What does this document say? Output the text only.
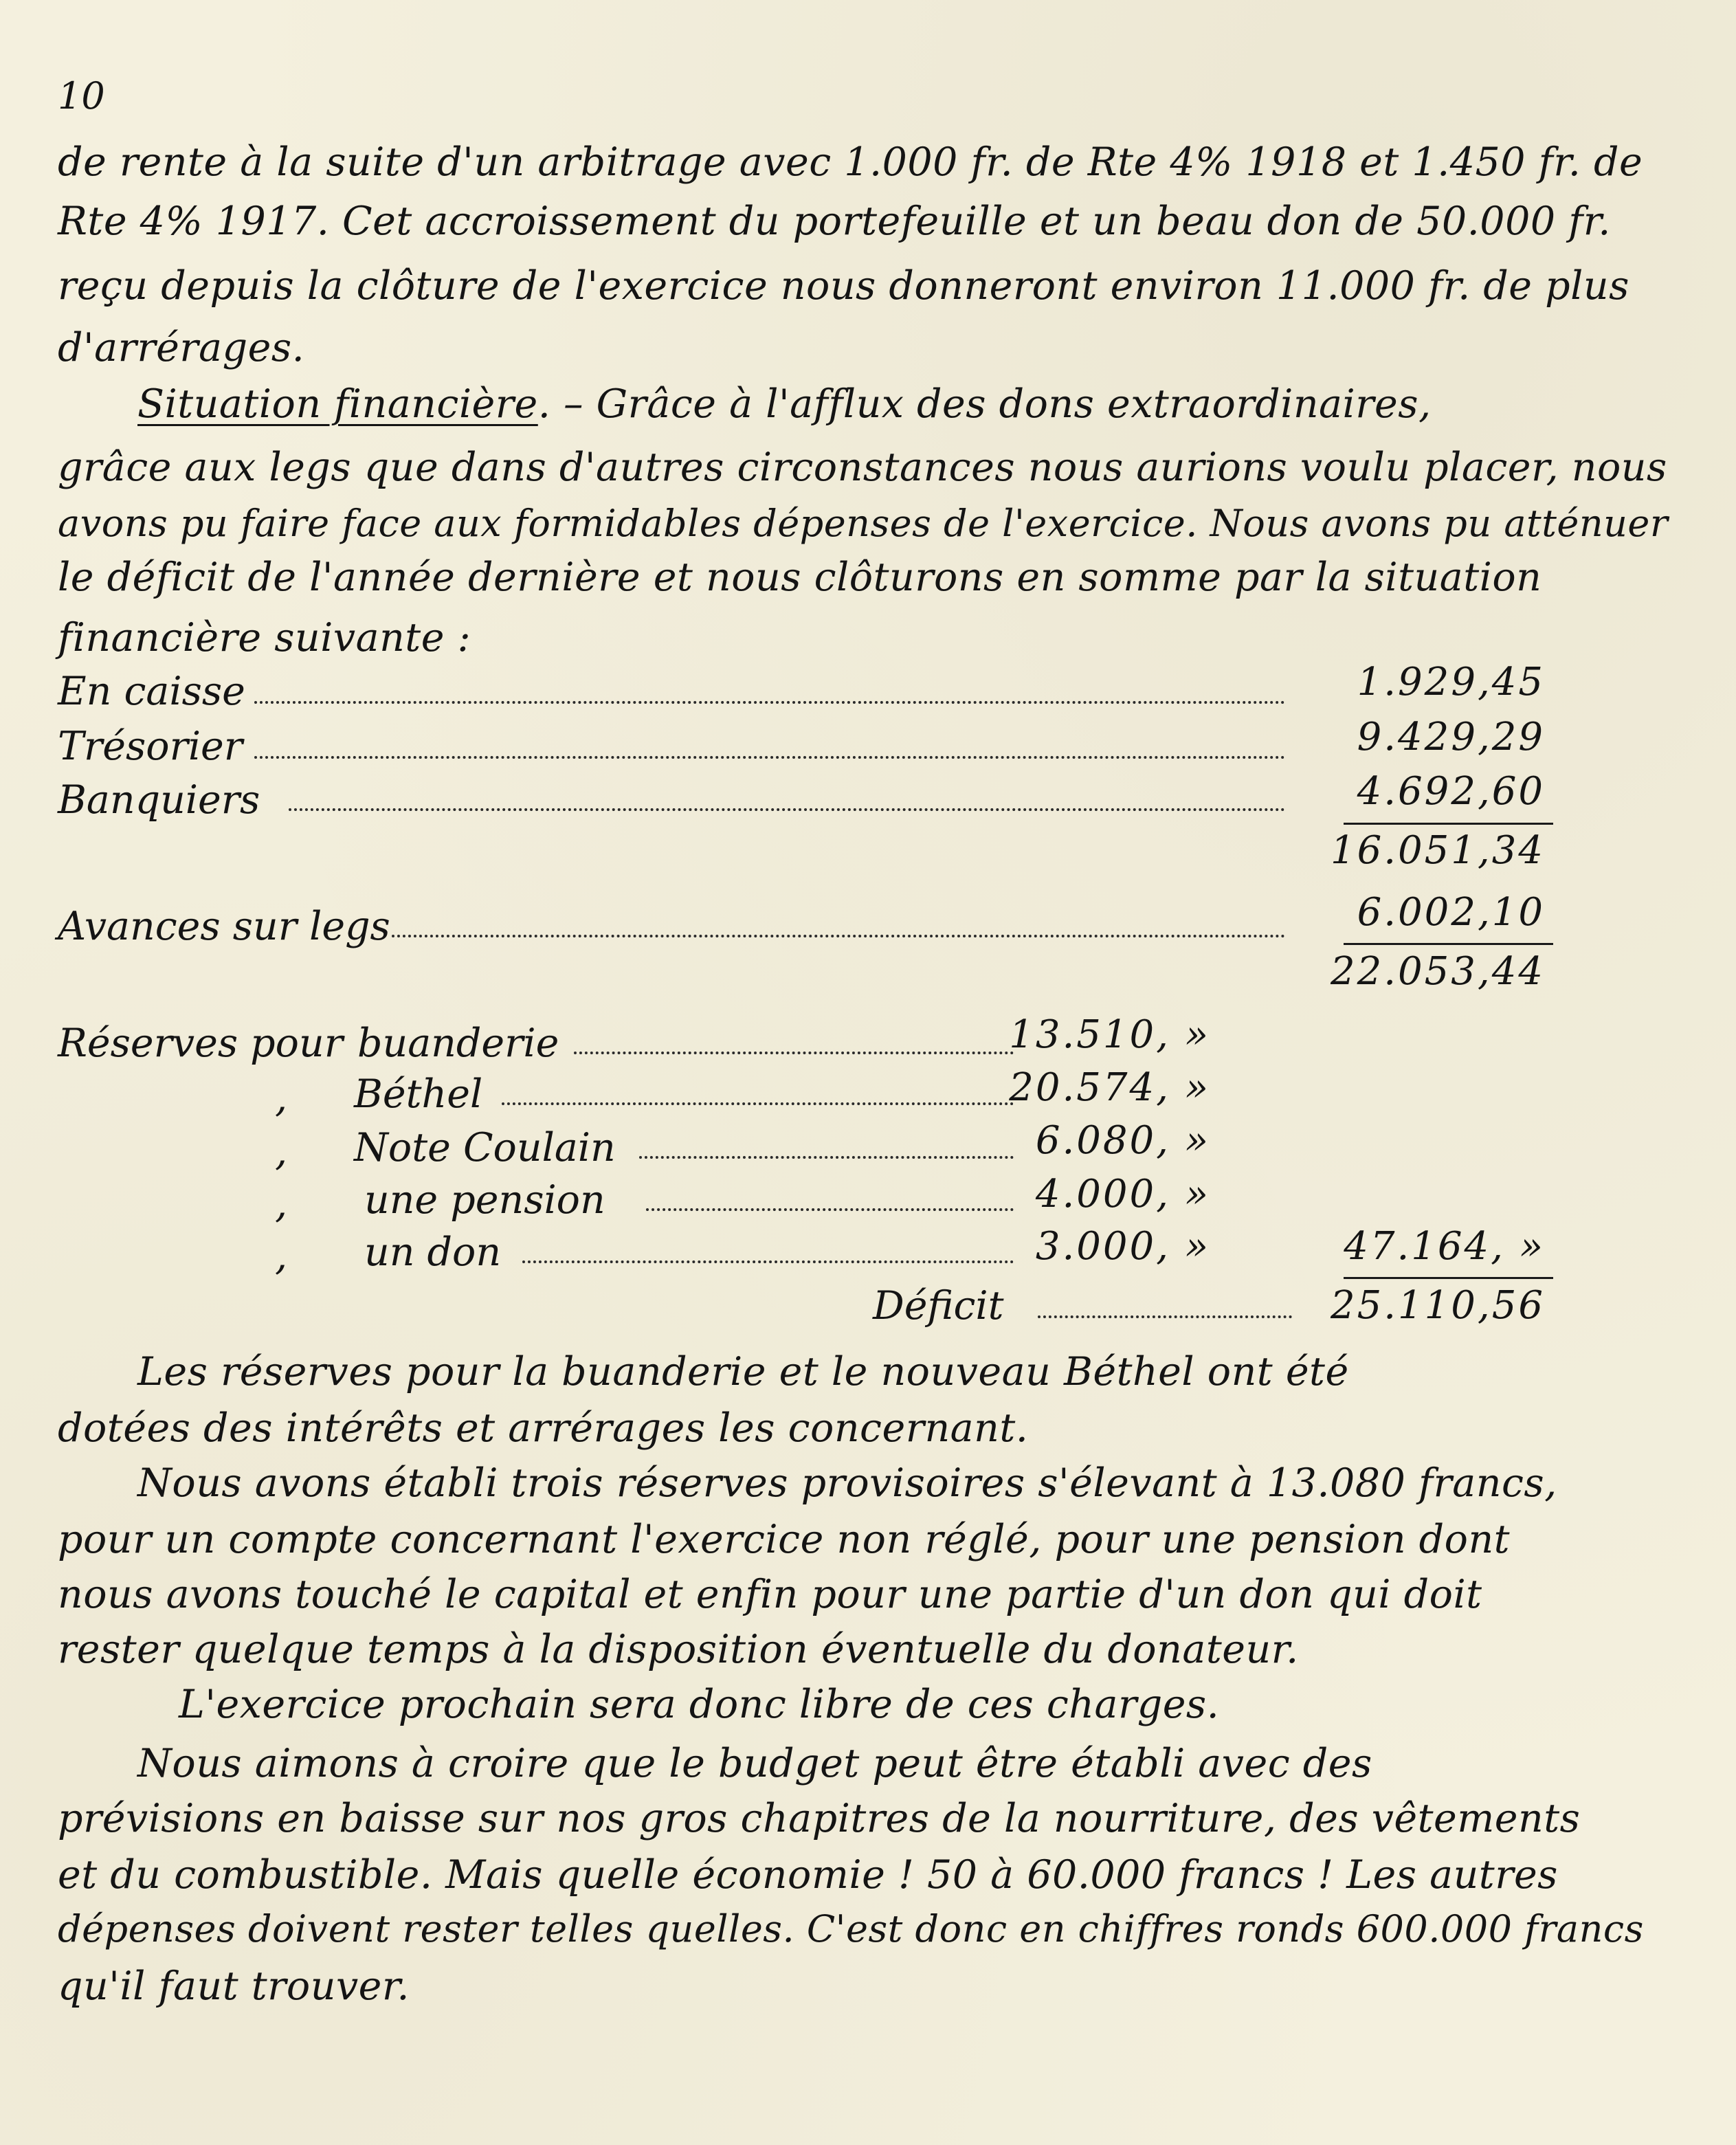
10
de rente à la suite d'un arbitrage avec 1.000 fr. de Rte 4% 1918 et 1.450 fr. de
Rte 4% 1917. Cet accroissement du portefeuille et un beau don de 50.000 fr.
reçu depuis la clôture de l'exercice nous donneront environ 11.000 fr. de plus
d'arrérages.
Situation financière. – Grâce à l'afflux des dons extraordinaires,
grâce aux legs que dans d'autres circonstances nous aurions voulu placer, nous
avons pu faire face aux formidables dépenses de l'exercice. Nous avons pu atténuer
le déficit de l'année dernière et nous clôturons en somme par la situation
financière suivante :
En caisse	1.929,45
Trésorier	9.429,29
Banquiers	4.692,60
16.051,34
Avances sur legs	6.002,10
22.053,44
Réserves pour buanderie	13.510, »
, Béthel	20.574, »
, Note Coulain	6.080, »
, une pension	4.000, »
, un don	3.000, »	47.164, »
Déficit	25.110,56
Les réserves pour la buanderie et le nouveau Béthel ont été
dotées des intérêts et arrérages les concernant.
Nous avons établi trois réserves provisoires s'élevant à 13.080 francs,
pour un compte concernant l'exercice non réglé, pour une pension dont
nous avons touché le capital et enfin pour une partie d'un don qui doit
rester quelque temps à la disposition éventuelle du donateur.
L'exercice prochain sera donc libre de ces charges.
Nous aimons à croire que le budget peut être établi avec des
prévisions en baisse sur nos gros chapitres de la nourriture, des vêtements
et du combustible. Mais quelle économie ! 50 à 60.000 francs ! Les autres
dépenses doivent rester telles quelles. C'est donc en chiffres ronds 600.000 francs
qu'il faut trouver.
